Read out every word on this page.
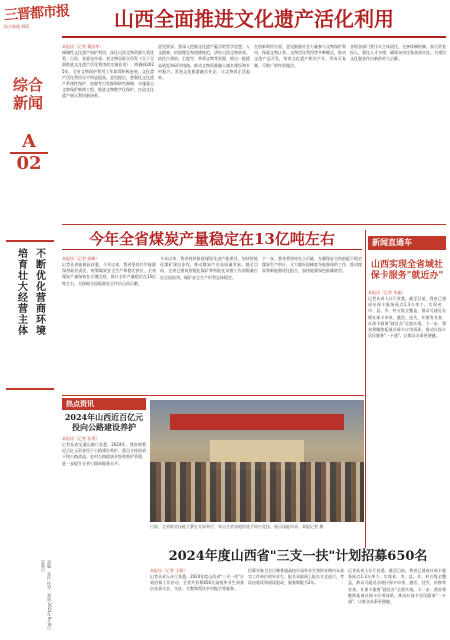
三晋都市报
综合新闻 A02
综合新闻
A
02
培育壮大经营主体 不断优化营商环境
责编：张玲 校对：郑丽 2024年9月8日 星期日
山西全面推进文化遗产活化利用
本报讯（记者 冀国华）
倾城性文化遗产保护利用，深化山西文物资源大省优势。日前，省委宣传部、省文物局联合印发《关于全面推进文化遗产活化利用的实施意见》，明确到2025年，全省文物保护利用工作取得积极进展，文化遗产活化利用水平明显提高。意见提出，要强化文化遗产系统性保护，加强考古发掘和研究阐释，实施重点文物保护修缮工程，推进文物数字化保护，打造文化遗产展示利用新场景。
意见要求，要深入挖掘文化遗产蕴含的哲学思想、人文精神、价值理念和道德规范，讲好山西文物故事。依托古建筑、石窟寺、革命文物等资源，推出一批精品展览和研学线路，推动文物资源融入城乡建设和乡村振兴，发展文化旅游融合业态，让文物真正活起来。
在创新利用方面，意见鼓励社会力量参与文物保护利用，探索文物认养、文物活化利用等多种模式，推动文创产品开发，培育文化遗产相关产业，形成可复制、可推广的经验做法。
各级各部门要压实主体责任，完善体制机制，加大资金投入，强化人才支撑，确保各项任务落到实处，为建设文化强省作出新的更大贡献。
今年全省煤炭产量稳定在13亿吨左右
本报讯（记者 郭峰）
记者从省能源局获悉，今年以来，我省坚决扛牢能源保供政治责任，统筹煤炭安全生产和稳定供应，全省煤炭产量保持在合理区间，预计全年产量稳定在13亿吨左右，为保障全国能源安全作出山西贡献。
今年以来，我省持续推进煤炭先进产能建设，加快智能化煤矿建设步伐，推动煤炭产业高质量发展。截至目前，全省已建成智能化煤矿和智能化采掘工作面数量位居全国前列，煤矿安全生产形势总体稳定。
下一步，我省将坚持先立后破，在确保安全的前提下稳定煤炭生产供应，全力做好迎峰度冬能源保供工作，推动煤炭和新能源优化组合，加快能源绿色低碳转型。
新闻直通车
山西实现全省域社保卡服务"就近办"
本报讯（记者 李鑫）
记者从省人社厅获悉，截至目前，我省已建成社保卡服务网点1.3万余个，实现省、市、县、乡、村五级全覆盖，群众可就近办理社保卡申领、激活、挂失、补换等业务，社保卡服务"就近办"全面实现。下一步，我省将继续拓展社保卡应用场景，推动社保卡居民服务"一卡通"，让群众办事更便捷。
热点资讯
2024年山西近百亿元投向公路建设养护
本报讯（记者 张勇）
记者从省交通运输厅获悉，2024年，我省统筹近百亿元资金用于公路建设养护，重点支持国省干线公路改造、农村公路提质升级和养护管理，进一步提升全省公路网服务水平。
日前，全省职业技能大赛在太原举行，来自全省各地的选手同台竞技，展示技能风采。本报记者 摄
2024年度山西省"三支一扶"计划招募650名
本报讯（记者 王敏）
记者从省人社厅获悉，2024年度山西省"三支一扶"计划招募工作启动，全省共招募650名高校毕业生到基层从事支农、支医、支教和帮扶乡村振兴等服务。
招募对象为全日制普通高校应届毕业生和择业期内未落实工作单位的毕业生，报名采取网上报名方式进行，考试由笔试和面试组成，服务期限为2年。
记者从省人社厅获悉，截至目前，我省已建成社保卡服务网点1.3万余个，实现省、市、县、乡、村五级全覆盖，群众可就近办理社保卡申领、激活、挂失、补换等业务，社保卡服务"就近办"全面实现。下一步，我省将继续拓展社保卡应用场景，推动社保卡居民服务"一卡通"，让群众办事更便捷。
